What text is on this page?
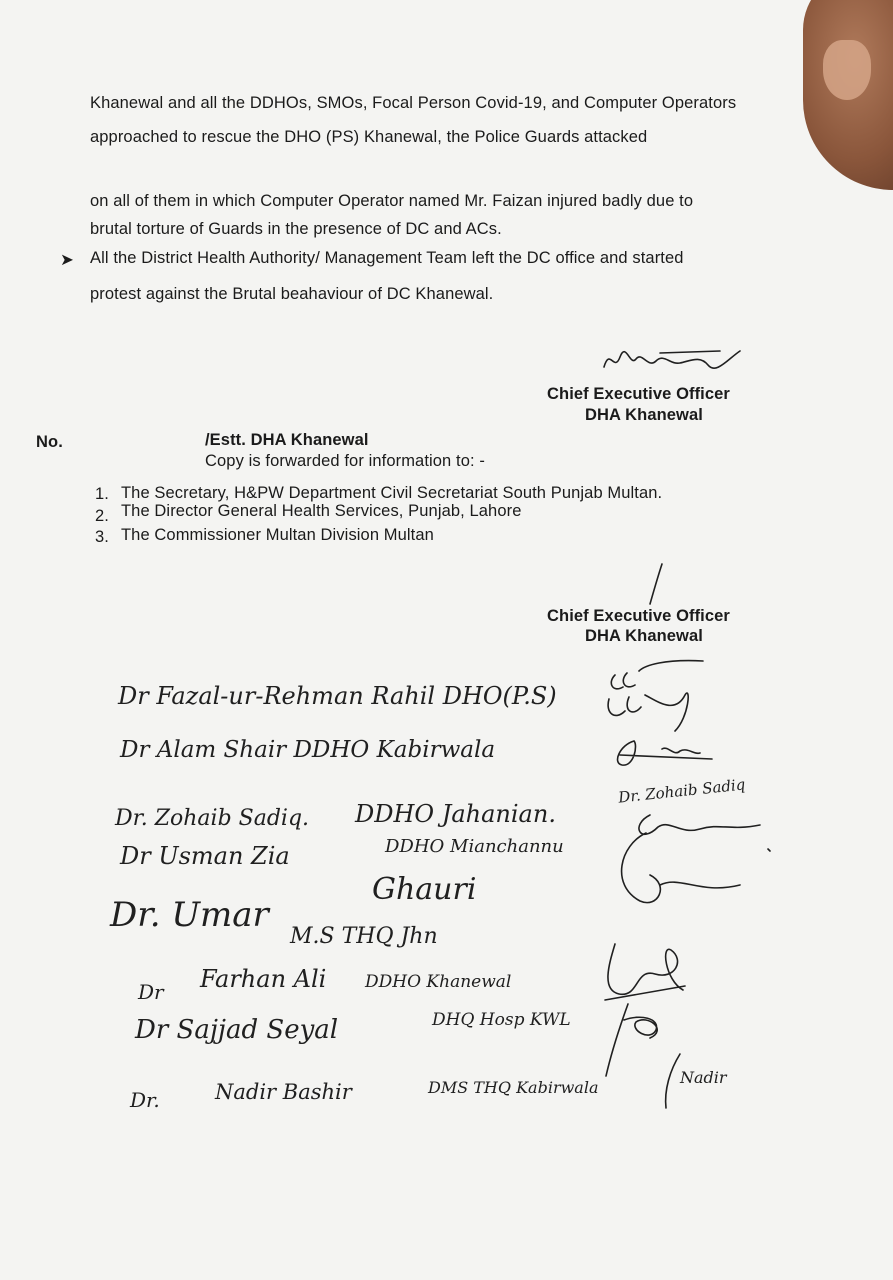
Khanewal and all the DDHOs, SMOs, Focal Person Covid-19, and Computer Operators
approached to rescue the DHO (PS) Khanewal, the Police Guards attacked
on all of them in which Computer Operator named Mr. Faizan injured badly due to
brutal torture of Guards in the presence of DC and ACs.
➤ All the District Health Authority/ Management Team left the DC office and started
protest against the Brutal beahaviour of DC Khanewal.
Chief Executive Officer
DHA Khanewal
No.	/Estt. DHA Khanewal
Copy is forwarded for information to: -
1. The Secretary, H&PW Department Civil Secretariat South Punjab Multan.
2. The Director General Health Services, Punjab, Lahore
3. The Commissioner Multan Division Multan
Chief Executive Officer
DHA Khanewal
Dr Fazal-ur-Rehman Rahil DHO(P.S)
Dr Alam Shair DDHO Kabirwala
Dr. Zohaib Sadiq. DDHO Jahanian.
Dr. Zohaib Sadiq
Dr Usman Zia	DDHO Mianchannu
Dr. Umar
Ghauri
M.S THQ Jhn
Dr Farhan Ali DDHO Khanewal
Dr Sajjad Seyal	DHQ Hosp KWL
Dr.	Nadir Bashir	DMS THQ Kabirwala
Nadir
